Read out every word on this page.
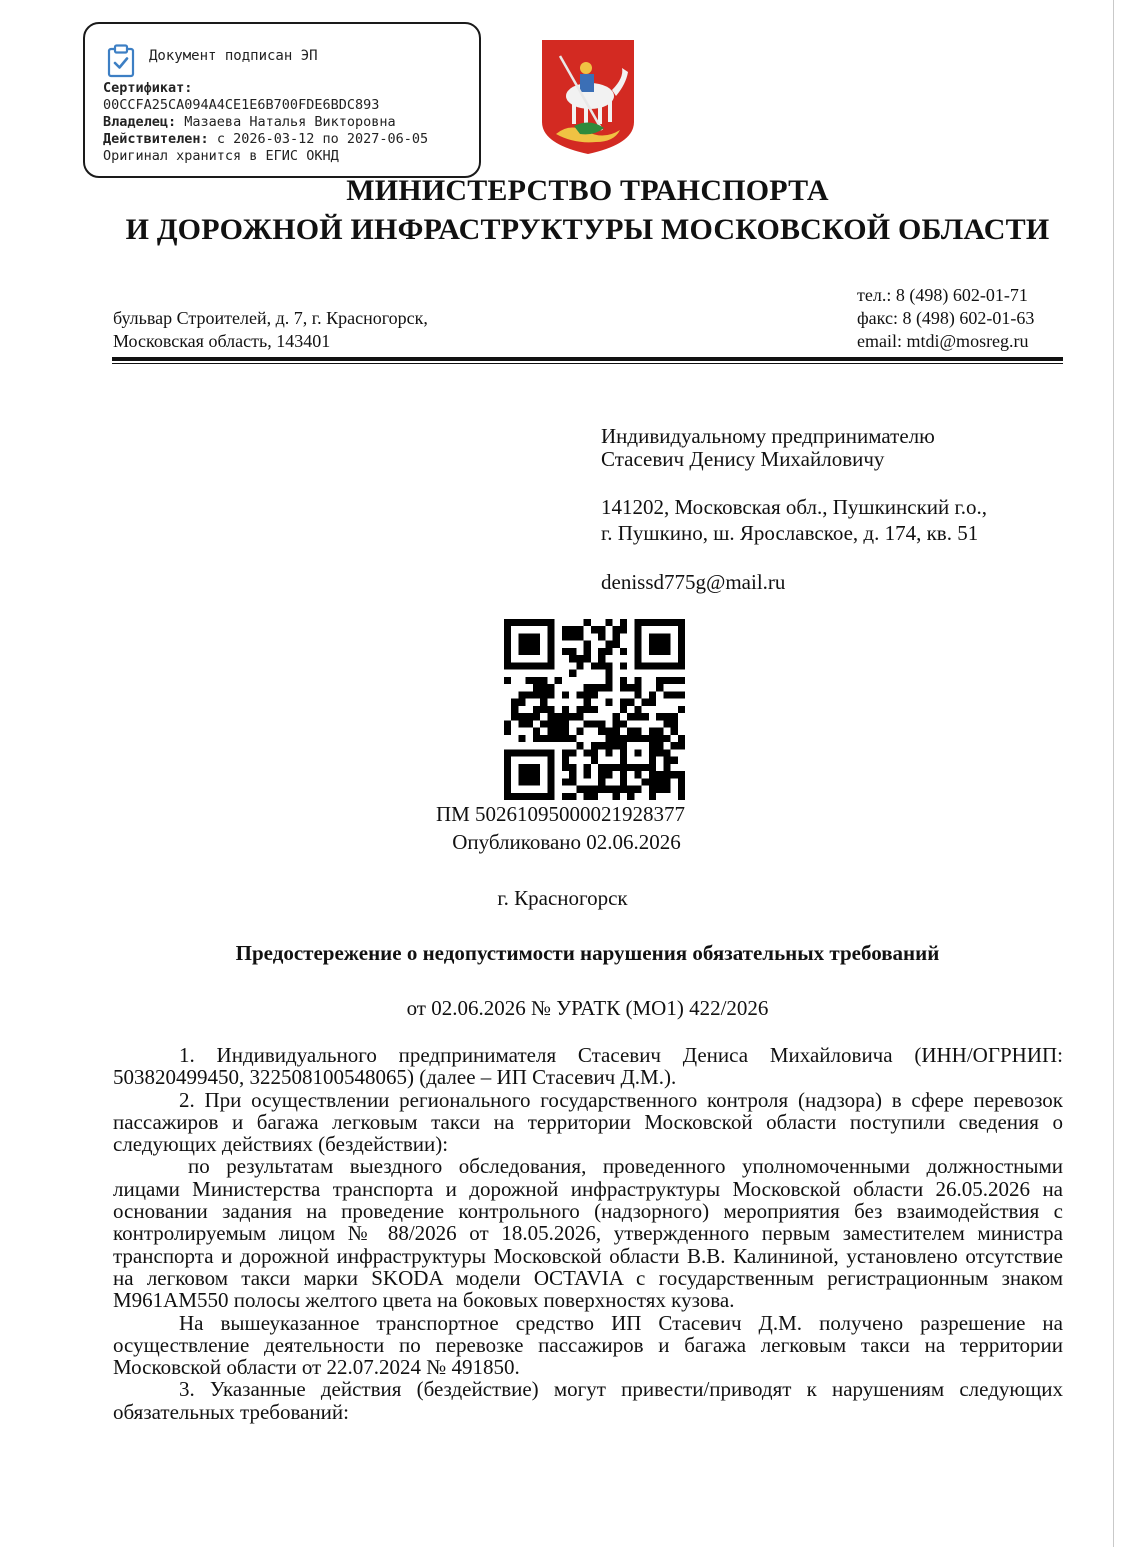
Документ подписан ЭП
Сертификат:
00CCFA25CA094A4CE1E6B700FDE6BDC893
Владелец: Мазаева Наталья Викторовна
Действителен: с 2026-03-12 по 2027-06-05
Оригинал хранится в ЕГИС ОКНД
МИНИСТЕРСТВО ТРАНСПОРТА
И ДОРОЖНОЙ ИНФРАСТРУКТУРЫ МОСКОВСКОЙ ОБЛАСТИ
бульвар Строителей, д. 7, г. Красногорск,
Московская область, 143401
тел.: 8 (498) 602-01-71
факс: 8 (498) 602-01-63
email: mtdi@mosreg.ru
Индивидуальному предпринимателю
Стасевич Денису Михайловичу
141202, Московская обл., Пушкинский г.о.,
г. Пушкино, ш. Ярославское, д. 174, кв. 51
denissd775g@mail.ru
ПМ 50261095000021928377
Опубликовано 02.06.2026
г. Красногорск
Предостережение о недопустимости нарушения обязательных требований
от 02.06.2026 № УРАТК (МО1) 422/2026

1. Индивидуального предпринимателя Стасевич Дениса Михайловича (ИНН/ОГРНИП: 503820499450, 322508100548065) (далее – ИП Стасевич Д.М.).

2. При осуществлении регионального государственного контроля (надзора) в сфере перевозок пассажиров и багажа легковым такси на территории Московской области поступили сведения о следующих действиях (бездействии):

по результатам выездного обследования, проведенного уполномоченными должностными лицами Министерства транспорта и дорожной инфраструктуры Московской области 26.05.2026 на основании задания на проведение контрольного (надзорного) мероприятия без взаимодействия с контролируемым лицом № 88/2026 от 18.05.2026, утвержденного первым заместителем министра транспорта и дорожной инфраструктуры Московской области В.В. Калининой, установлено отсутствие на легковом такси марки SKODA модели OCTAVIA с государственным регистрационным знаком М961АМ550 полосы желтого цвета на боковых поверхностях кузова.

На вышеуказанное транспортное средство ИП Стасевич Д.М. получено разрешение на осуществление деятельности по перевозке пассажиров и багажа легковым такси на территории Московской области от 22.07.2024 № 491850.

3. Указанные действия (бездействие) могут привести/приводят к нарушениям следующих обязательных требований:
